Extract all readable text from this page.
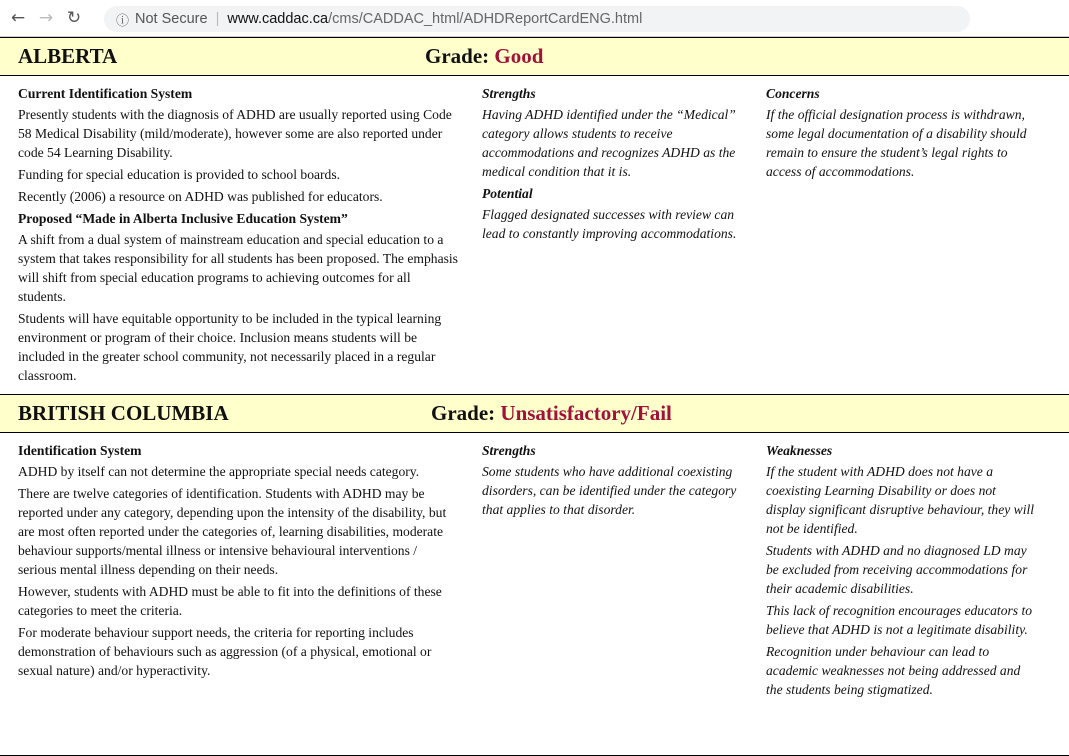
← → ↻	ⓘ Not Secure | www.caddac.ca /cms/CADDAC_html/ADHDReportCardENG.html
ALBERTA	Grade: Good
Current Identification System

Presently students with the diagnosis of ADHD are usually reported using Code 58 Medical Disability (mild/moderate), however some are also reported under code 54 Learning Disability.

Funding for special education is provided to school boards.

Recently (2006) a resource on ADHD was published for educators.

Proposed “Made in Alberta Inclusive Education System”

A shift from a dual system of mainstream education and special education to a system that takes responsibility for all students has been proposed. The emphasis will shift from special education programs to achieving outcomes for all students.

Students will have equitable opportunity to be included in the typical learning environment or program of their choice. Inclusion means students will be included in the greater school community, not necessarily placed in a regular classroom.

Strengths

Having ADHD identified under the “Medical” category allows students to receive accommodations and recognizes ADHD as the medical condition that it is.

Potential

Flagged designated successes with review can lead to constantly improving accommodations.

Concerns

If the official designation process is withdrawn, some legal documentation of a disability should remain to ensure the student’s legal rights to access of accommodations.

BRITISH COLUMBIA	Grade: Unsatisfactory/Fail
Identification System

ADHD by itself can not determine the appropriate special needs category.

There are twelve categories of identification. Students with ADHD may be reported under any category, depending upon the intensity of the disability, but are most often reported under the categories of, learning disabilities, moderate behaviour supports/mental illness or intensive behavioural interventions / serious mental illness depending on their needs.

However, students with ADHD must be able to fit into the definitions of these categories to meet the criteria.

For moderate behaviour support needs, the criteria for reporting includes demonstration of behaviours such as aggression (of a physical, emotional or sexual nature) and/or hyperactivity.

Strengths

Some students who have additional coexisting disorders, can be identified under the category that applies to that disorder.

Weaknesses

If the student with ADHD does not have a coexisting Learning Disability or does not display significant disruptive behaviour, they will not be identified.

Students with ADHD and no diagnosed LD may be excluded from receiving accommodations for their academic disabilities.

This lack of recognition encourages educators to believe that ADHD is not a legitimate disability.

Recognition under behaviour can lead to academic weaknesses not being addressed and the students being stigmatized.
